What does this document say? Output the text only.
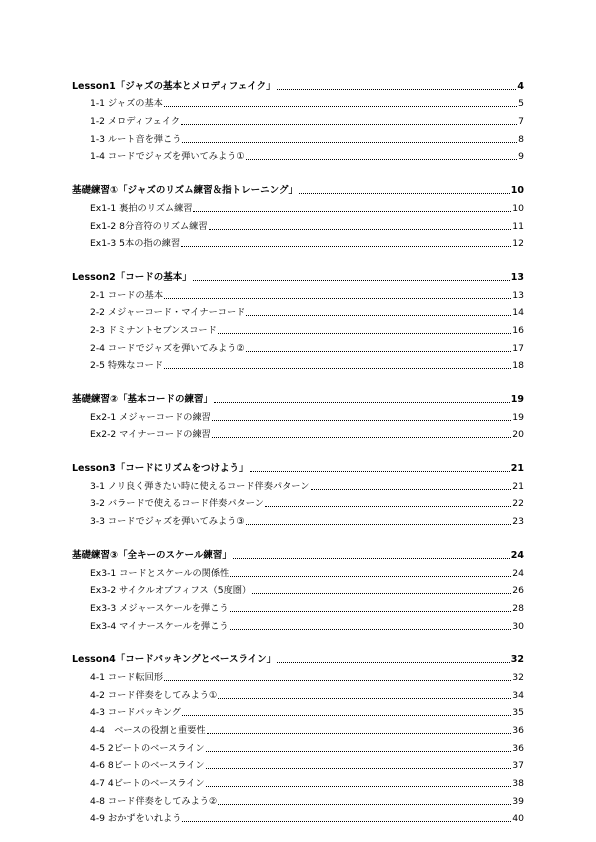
Lesson1「ジャズの基本とメロディフェイク」	4
1-1 ジャズの基本	5
1-2 メロディフェイク	7
1-3 ルート音を弾こう	8
1-4 コードでジャズを弾いてみよう①	9
基礎練習①「ジャズのリズム練習＆指トレーニング」	10
Ex1-1 裏拍のリズム練習	10
Ex1-2 8分音符のリズム練習	11
Ex1-3 5本の指の練習	12
Lesson2「コードの基本」	13
2-1 コードの基本	13
2-2 メジャーコード・マイナーコード	14
2-3 ドミナントセブンスコード	16
2-4 コードでジャズを弾いてみよう②	17
2-5 特殊なコード	18
基礎練習②「基本コードの練習」	19
Ex2-1 メジャーコードの練習	19
Ex2-2 マイナーコードの練習	20
Lesson3「コードにリズムをつけよう」	21
3-1 ノリ良く弾きたい時に使えるコード伴奏パターン	21
3-2 バラードで使えるコード伴奏パターン	22
3-3 コードでジャズを弾いてみよう③	23
基礎練習③「全キーのスケール練習」	24
Ex3-1 コードとスケールの関係性	24
Ex3-2 サイクルオブフィフス（5度圏）	26
Ex3-3 メジャースケールを弾こう	28
Ex3-4 マイナースケールを弾こう	30
Lesson4「コードバッキングとベースライン」	32
4-1 コード転回形	32
4-2 コード伴奏をしてみよう①	34
4-3 コードバッキング	35
4-4　ベースの役割と重要性	36
4-5 2ビートのベースライン	36
4-6 8ビートのベースライン	37
4-7 4ビートのベースライン	38
4-8 コード伴奏をしてみよう②	39
4-9 おかずをいれよう	40
